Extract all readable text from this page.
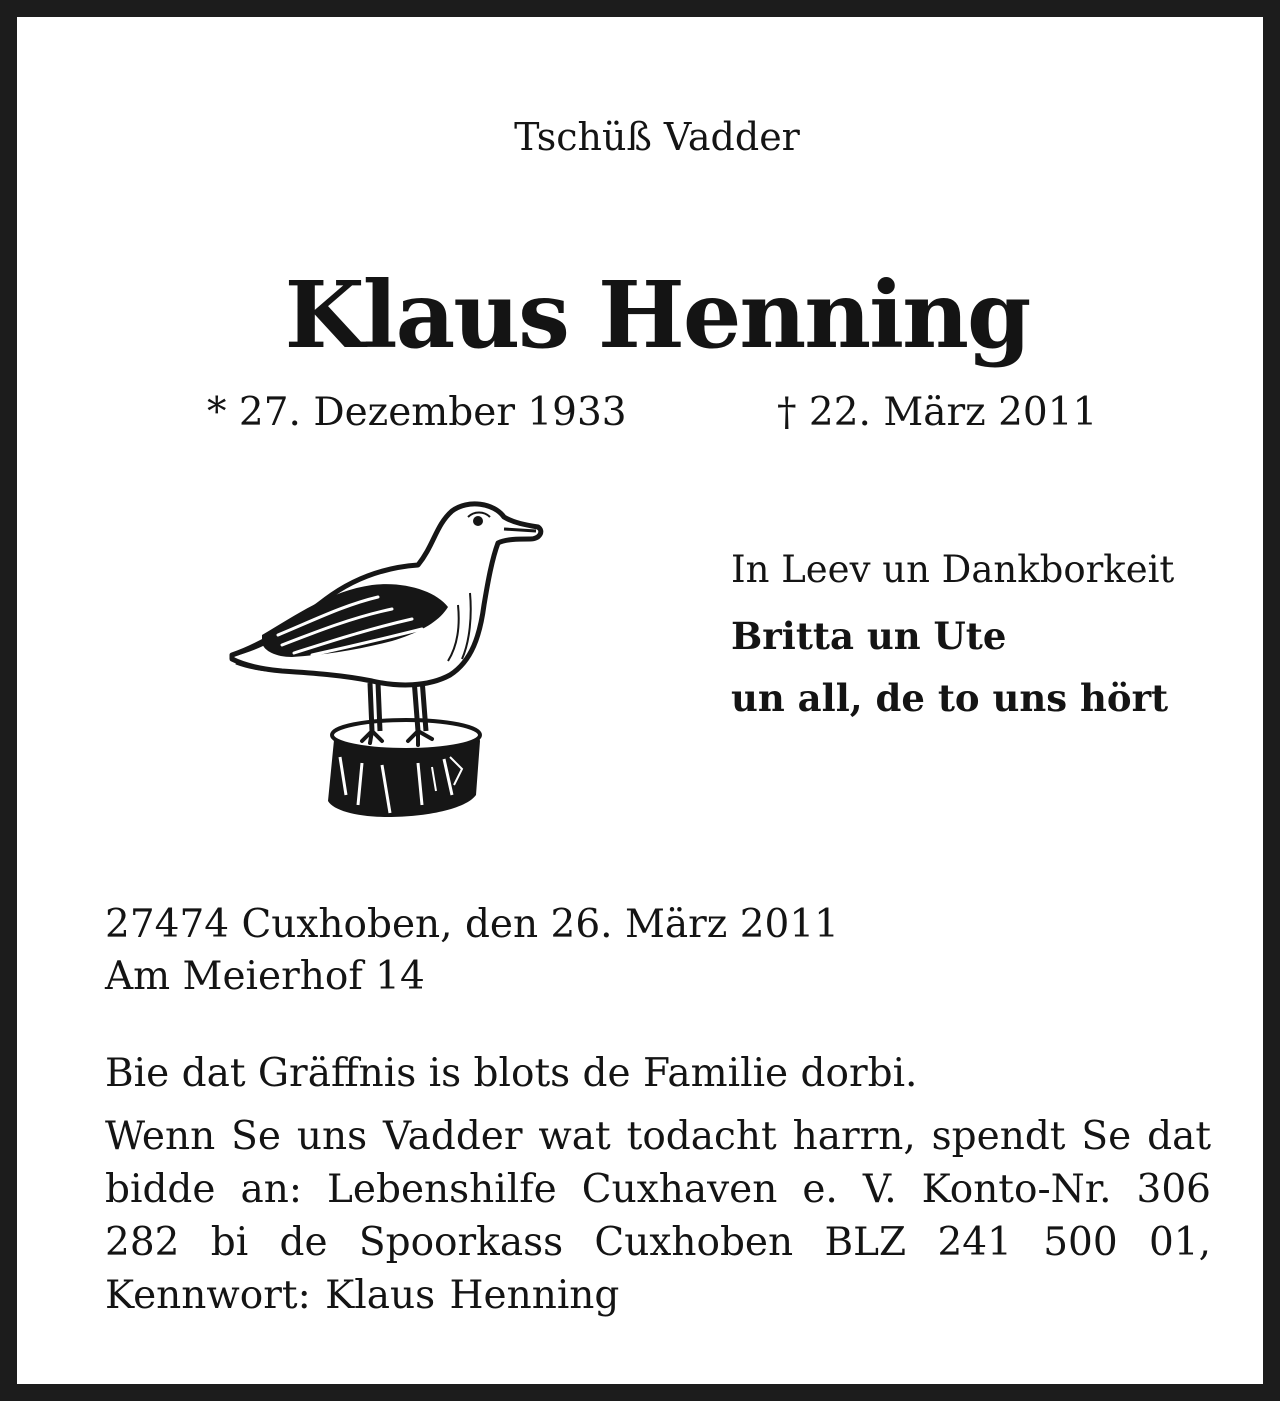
Tschüß Vadder
Klaus Henning
* 27. Dezember 1933	† 22. März 2011
In Leev un Dankborkeit
Britta un Ute
un all, de to uns hört
27474 Cuxhoben, den 26. März 2011
Am Meierhof 14

Bie dat Gräffnis is blots de Familie dorbi.

Wenn Se uns Vadder wat todacht harrn, spendt Se dat bidde an: Lebenshilfe Cuxhaven e. V. Konto-Nr. 306 282 bi de Spoorkass Cuxhoben BLZ 241 500 01, Kennwort: Klaus Henning
